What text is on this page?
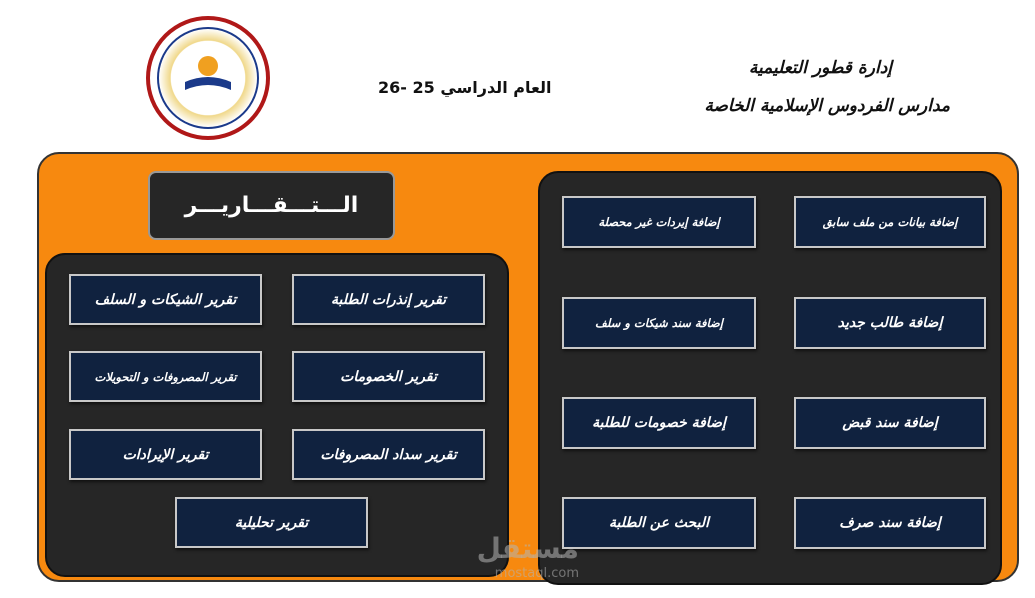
إدارة قطور التعليمية
مدارس الفردوس الإسلامية الخاصة
العام الدراسي 25 -26
الـــتـــقـــاريـــر
تقرير إنذرات الطلبة
تقرير الشيكات و السلف
تقرير الخصومات
تقرير المصروفات و التحويلات
تقرير سداد المصروفات
تقرير الإيرادات
تقرير تحليلية
إضافة بيانات من ملف سابق
إضافة إيردات غير محصلة
إضافة طالب جديد
إضافة سند شيكات و سلف
إضافة سند قبض
إضافة خصومات للطلبة
إضافة سند صرف
البحث عن الطلبة
مستقل
mostaql.com
